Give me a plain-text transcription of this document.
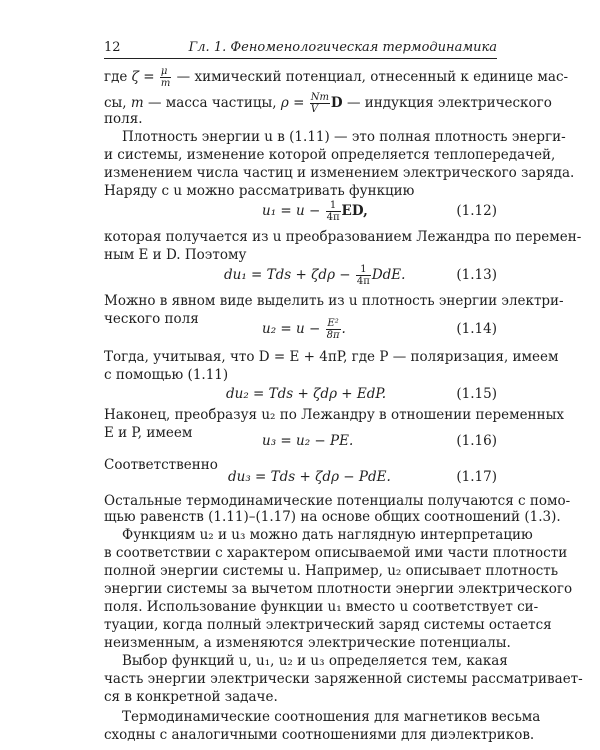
12	Гл. 1. Феноменологическая термодинамика
где $\zeta = \frac{\mu}{m}$ — химический потенциал, отнесенный к единице мас-
сы, m — масса частицы, $\rho = \frac{Nm}{V}$ D — индукция электрического
поля.
Плотность энергии u в (1.11) — это полная плотность энерги-
и системы, изменение которой определяется теплопередачей,
изменением числа частиц и изменением электрического заряда.
Наряду с u можно рассматривать функцию
$u_1 = u - \frac{1}{4\pi}$ ED,	(1.12)
которая получается из u преобразованием Лежандра по перемен-
ным E и D. Поэтому
du₁ = Tds + $\zeta d\rho - \frac{1}{4\pi}$ DdE.	(1.13)
Можно в явном виде выделить из u плотность энергии электри-
ческого поля
$u_2 = u - \frac{\text{E²}}{8\pi}$ .	(1.14)
Тогда, учитывая, что D = E + 4πP, где P — поляризация, имеем
с помощью (1.11)
du₂ = Tds + ζdρ + EdP.	(1.15)
Наконец, преобразуя u₂ по Лежандру в отношении переменных
E и P, имеем	u₃ = u₂ − PE.	(1.16)
Соответственно
du₃ = Tds + ζdρ − PdE.	(1.17)
Остальные термодинамические потенциалы получаются с помо-
щью равенств (1.11)–(1.17) на основе общих соотношений (1.3).
Функциям u₂ и u₃ можно дать наглядную интерпретацию
в соответствии с характером описываемой ими части плотности
полной энергии системы u. Например, u₂ описывает плотность
энергии системы за вычетом плотности энергии электрического
поля. Использование функции u₁ вместо u соответствует си-
туации, когда полный электрический заряд системы остается
неизменным, а изменяются электрические потенциалы.
Выбор функций u, u₁, u₂ и u₃ определяется тем, какая
часть энергии электрически заряженной системы рассматривает-
ся в конкретной задаче.
Термодинамические соотношения для магнетиков весьма
сходны с аналогичными соотношениями для диэлектриков.
